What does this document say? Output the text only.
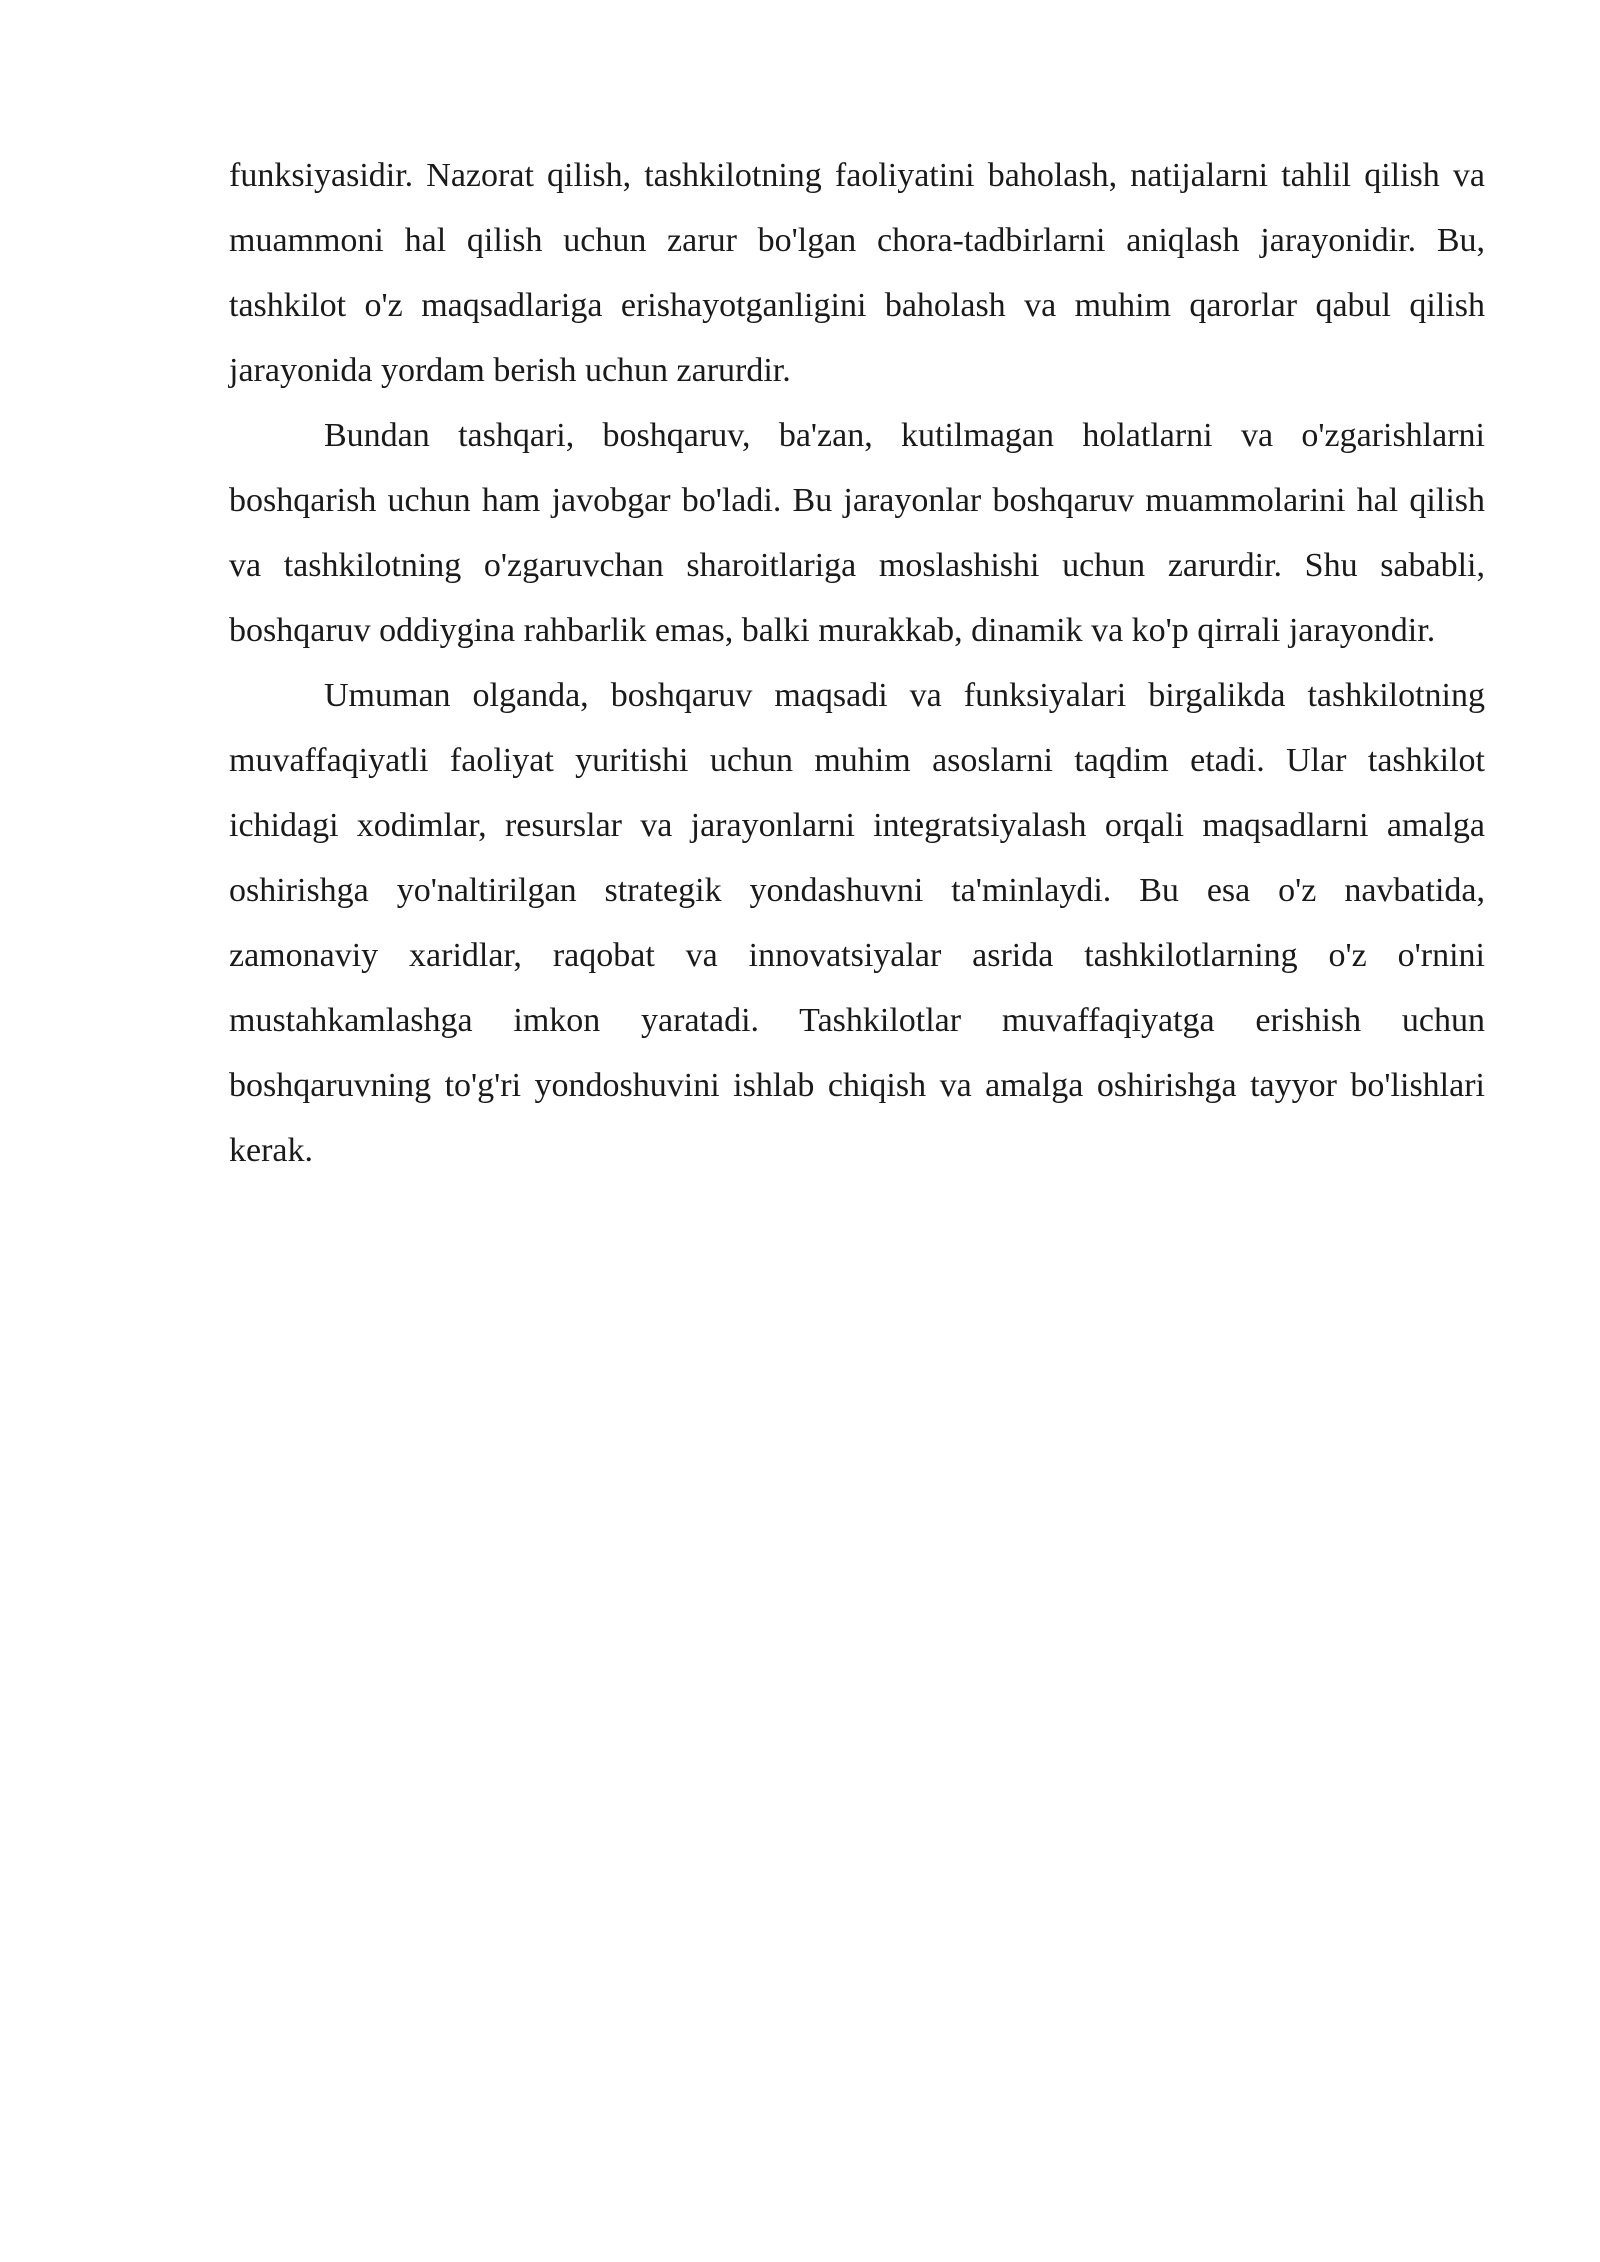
funksiyasidir. Nazorat qilish, tashkilotning faoliyatini baholash, natijalarni tahlil qilish va muammoni hal qilish uchun zarur bo'lgan chora-tadbirlarni aniqlash jarayonidir. Bu, tashkilot o'z maqsadlariga erishayotganligini baholash va muhim qarorlar qabul qilish jarayonida yordam berish uchun zarurdir.

Bundan tashqari, boshqaruv, ba'zan, kutilmagan holatlarni va o'zgarishlarni boshqarish uchun ham javobgar bo'ladi. Bu jarayonlar boshqaruv muammolarini hal qilish va tashkilotning o'zgaruvchan sharoitlariga moslashishi uchun zarurdir. Shu sababli, boshqaruv oddiygina rahbarlik emas, balki murakkab, dinamik va ko'p qirrali jarayondir.

Umuman olganda, boshqaruv maqsadi va funksiyalari birgalikda tashkilotning muvaffaqiyatli faoliyat yuritishi uchun muhim asoslarni taqdim etadi. Ular tashkilot ichidagi xodimlar, resurslar va jarayonlarni integratsiyalash orqali maqsadlarni amalga oshirishga yo'naltirilgan strategik yondashuvni ta'minlaydi. Bu esa o'z navbatida, zamonaviy xaridlar, raqobat va innovatsiyalar asrida tashkilotlarning o'z o'rnini mustahkamlashga imkon yaratadi. Tashkilotlar muvaffaqiyatga erishish uchun boshqaruvning to'g'ri yondoshuvini ishlab chiqish va amalga oshirishga tayyor bo'lishlari kerak.
